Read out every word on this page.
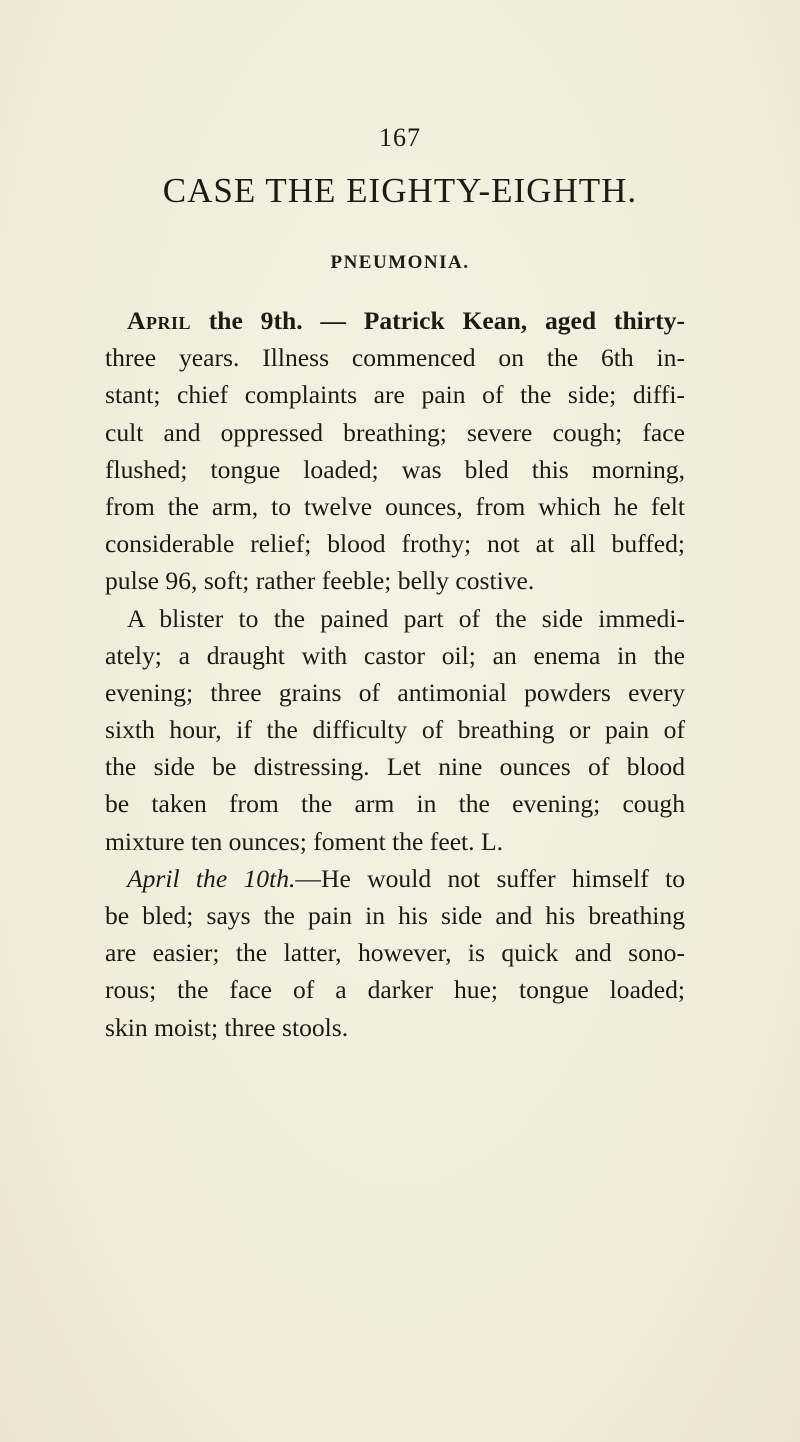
167
CASE THE EIGHTY-EIGHTH.
PNEUMONIA.
April the 9th. — Patrick Kean, aged thirty-
three years. Illness commenced on the 6th in-
stant; chief complaints are pain of the side; diffi-
cult and oppressed breathing; severe cough; face
flushed; tongue loaded; was bled this morning,
from the arm, to twelve ounces, from which he felt
considerable relief; blood frothy; not at all buffed;
pulse 96, soft; rather feeble; belly costive.
A blister to the pained part of the side immedi-
ately; a draught with castor oil; an enema in the
evening; three grains of antimonial powders every
sixth hour, if the difficulty of breathing or pain of
the side be distressing. Let nine ounces of blood
be taken from the arm in the evening; cough
mixture ten ounces; foment the feet. L.
April the 10th.—He would not suffer himself to
be bled; says the pain in his side and his breathing
are easier; the latter, however, is quick and sono-
rous; the face of a darker hue; tongue loaded;
skin moist; three stools.
